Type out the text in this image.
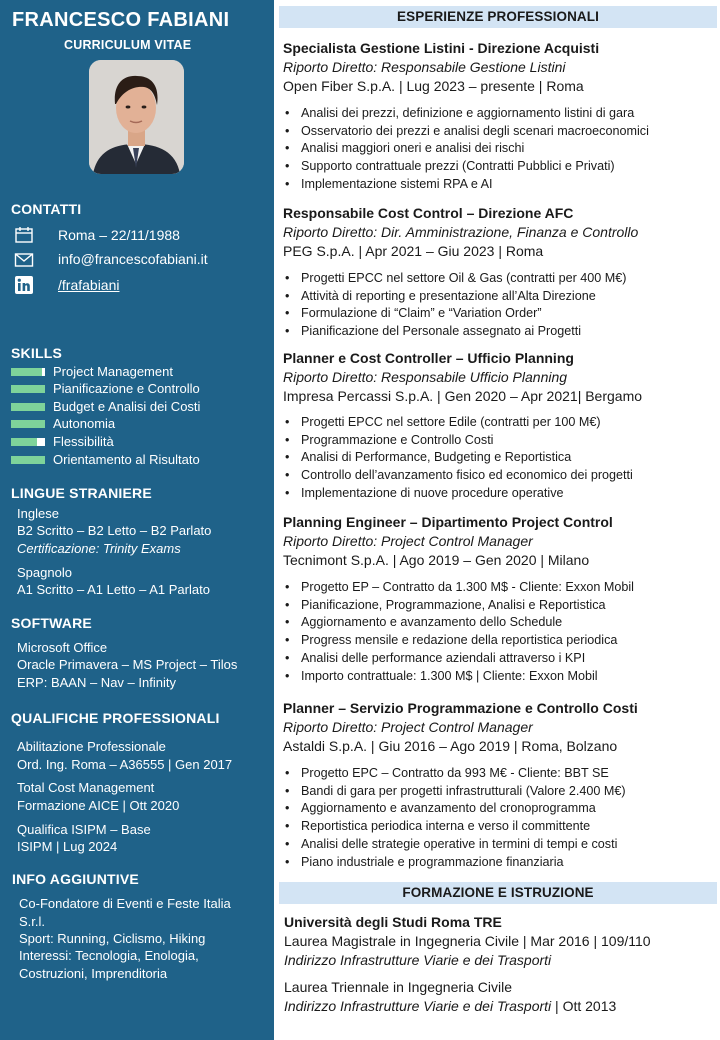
FRANCESCO FABIANI
CURRICULUM VITAE
CONTATTI
Roma – 22/11/1988
info@francescofabiani.it
/frafabiani
SKILLS
Project Management
Pianificazione e Controllo
Budget e Analisi dei Costi
Autonomia
Flessibilità
Orientamento al Risultato
LINGUE STRANIERE
Inglese
B2 Scritto – B2 Letto – B2 Parlato
Certificazione: Trinity Exams
Spagnolo
A1 Scritto – A1 Letto – A1 Parlato
SOFTWARE
Microsoft Office
Oracle Primavera – MS Project – Tilos
ERP: BAAN – Nav – Infinity
QUALIFICHE PROFESSIONALI
Abilitazione Professionale
Ord. Ing. Roma – A36555 | Gen 2017
Total Cost Management
Formazione AICE | Ott 2020
Qualifica ISIPM – Base
ISIPM | Lug 2024
INFO AGGIUNTIVE
Co-Fondatore di Eventi e Feste Italia
S.r.l.
Sport: Running, Ciclismo, Hiking
Interessi: Tecnologia, Enologia,
Costruzioni, Imprenditoria
ESPERIENZE PROFESSIONALI
Specialista Gestione Listini - Direzione Acquisti
Riporto Diretto: Responsabile Gestione Listini
Open Fiber S.p.A. | Lug 2023 – presente | Roma
• Analisi dei prezzi, definizione e aggiornamento listini di gara
• Osservatorio dei prezzi e analisi degli scenari macroeconomici
• Analisi maggiori oneri e analisi dei rischi
• Supporto contrattuale prezzi (Contratti Pubblici e Privati)
• Implementazione sistemi RPA e AI
Responsabile Cost Control – Direzione AFC
Riporto Diretto: Dir. Amministrazione, Finanza e Controllo
PEG S.p.A. | Apr 2021 – Giu 2023 | Roma
• Progetti EPCC nel settore Oil & Gas (contratti per 400 M€)
• Attività di reporting e presentazione all’Alta Direzione
• Formulazione di “Claim” e “Variation Order”
• Pianificazione del Personale assegnato ai Progetti
Planner e Cost Controller – Ufficio Planning
Riporto Diretto: Responsabile Ufficio Planning
Impresa Percassi S.p.A. | Gen 2020 – Apr 2021| Bergamo
• Progetti EPCC nel settore Edile (contratti per 100 M€)
• Programmazione e Controllo Costi
• Analisi di Performance, Budgeting e Reportistica
• Controllo dell’avanzamento fisico ed economico dei progetti
• Implementazione di nuove procedure operative
Planning Engineer – Dipartimento Project Control
Riporto Diretto: Project Control Manager
Tecnimont S.p.A. | Ago 2019 – Gen 2020 | Milano
• Progetto EP – Contratto da 1.300 M$ - Cliente: Exxon Mobil
• Pianificazione, Programmazione, Analisi e Reportistica
• Aggiornamento e avanzamento dello Schedule
• Progress mensile e redazione della reportistica periodica
• Analisi delle performance aziendali attraverso i KPI
• Importo contrattuale: 1.300 M$ | Cliente: Exxon Mobil
Planner – Servizio Programmazione e Controllo Costi
Riporto Diretto: Project Control Manager
Astaldi S.p.A. | Giu 2016 – Ago 2019 | Roma, Bolzano
• Progetto EPC – Contratto da 993 M€ - Cliente: BBT SE
• Bandi di gara per progetti infrastrutturali (Valore 2.400 M€)
• Aggiornamento e avanzamento del cronoprogramma
• Reportistica periodica interna e verso il committente
• Analisi delle strategie operative in termini di tempi e costi
• Piano industriale e programmazione finanziaria
FORMAZIONE E ISTRUZIONE
Università degli Studi Roma TRE
Laurea Magistrale in Ingegneria Civile | Mar 2016 | 109/110
Indirizzo Infrastrutture Viarie e dei Trasporti
Laurea Triennale in Ingegneria Civile
Indirizzo Infrastrutture Viarie e dei Trasporti | Ott 2013
